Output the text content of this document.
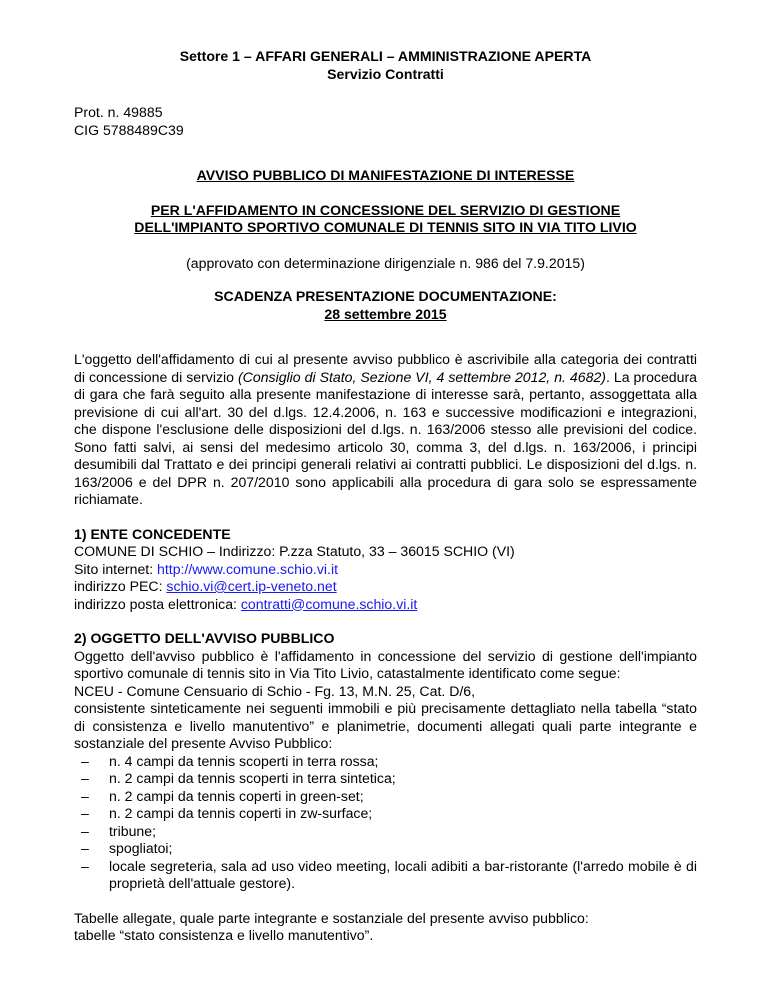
Settore 1 – AFFARI GENERALI – AMMINISTRAZIONE APERTA

Servizio Contratti

Prot. n. 49885

CIG 5788489C39

AVVISO PUBBLICO DI MANIFESTAZIONE DI INTERESSE

PER L'AFFIDAMENTO IN CONCESSIONE DEL SERVIZIO DI GESTIONE

DELL'IMPIANTO SPORTIVO COMUNALE DI TENNIS SITO IN VIA TITO LIVIO

(approvato con determinazione dirigenziale n. 986 del 7.9.2015)

SCADENZA PRESENTAZIONE DOCUMENTAZIONE:

28 settembre 2015

L'oggetto dell'affidamento di cui al presente avviso pubblico è ascrivibile alla categoria dei contratti di concessione di servizio (Consiglio di Stato, Sezione VI, 4 settembre 2012, n. 4682). La procedura di gara che farà seguito alla presente manifestazione di interesse sarà, pertanto, assoggettata alla previsione di cui all'art. 30 del d.lgs. 12.4.2006, n. 163 e successive modificazioni e integrazioni, che dispone l'esclusione delle disposizioni del d.lgs. n. 163/2006 stesso alle previsioni del codice. Sono fatti salvi, ai sensi del medesimo articolo 30, comma 3, del d.lgs. n. 163/2006, i principi desumibili dal Trattato e dei principi generali relativi ai contratti pubblici. Le disposizioni del d.lgs. n. 163/2006 e del DPR n. 207/2010 sono applicabili alla procedura di gara solo se espressamente richiamate.

1) ENTE CONCEDENTE

COMUNE DI SCHIO – Indirizzo: P.zza Statuto, 33 – 36015 SCHIO (VI)

Sito internet: http://www.comune.schio.vi.it

indirizzo PEC: schio.vi@cert.ip-veneto.net

indirizzo posta elettronica: contratti@comune.schio.vi.it

2) OGGETTO DELL'AVVISO PUBBLICO

Oggetto dell'avviso pubblico è l'affidamento in concessione del servizio di gestione dell'impianto sportivo comunale di tennis sito in Via Tito Livio, catastalmente identificato come segue:

NCEU - Comune Censuario di Schio - Fg. 13, M.N. 25, Cat. D/6,

consistente sinteticamente nei seguenti immobili e più precisamente dettagliato nella tabella “stato di consistenza e livello manutentivo” e planimetrie, documenti allegati quali parte integrante e sostanziale del presente Avviso Pubblico:

– n. 4 campi da tennis scoperti in terra rossa;
– n. 2 campi da tennis scoperti in terra sintetica;
– n. 2 campi da tennis coperti in green-set;
– n. 2 campi da tennis coperti in zw-surface;
– tribune;
– spogliatoi;
– locale segreteria, sala ad uso video meeting, locali adibiti a bar-ristorante (l'arredo mobile è di proprietà dell'attuale gestore).

Tabelle allegate, quale parte integrante e sostanziale del presente avviso pubblico:

tabelle “stato consistenza e livello manutentivo”.
